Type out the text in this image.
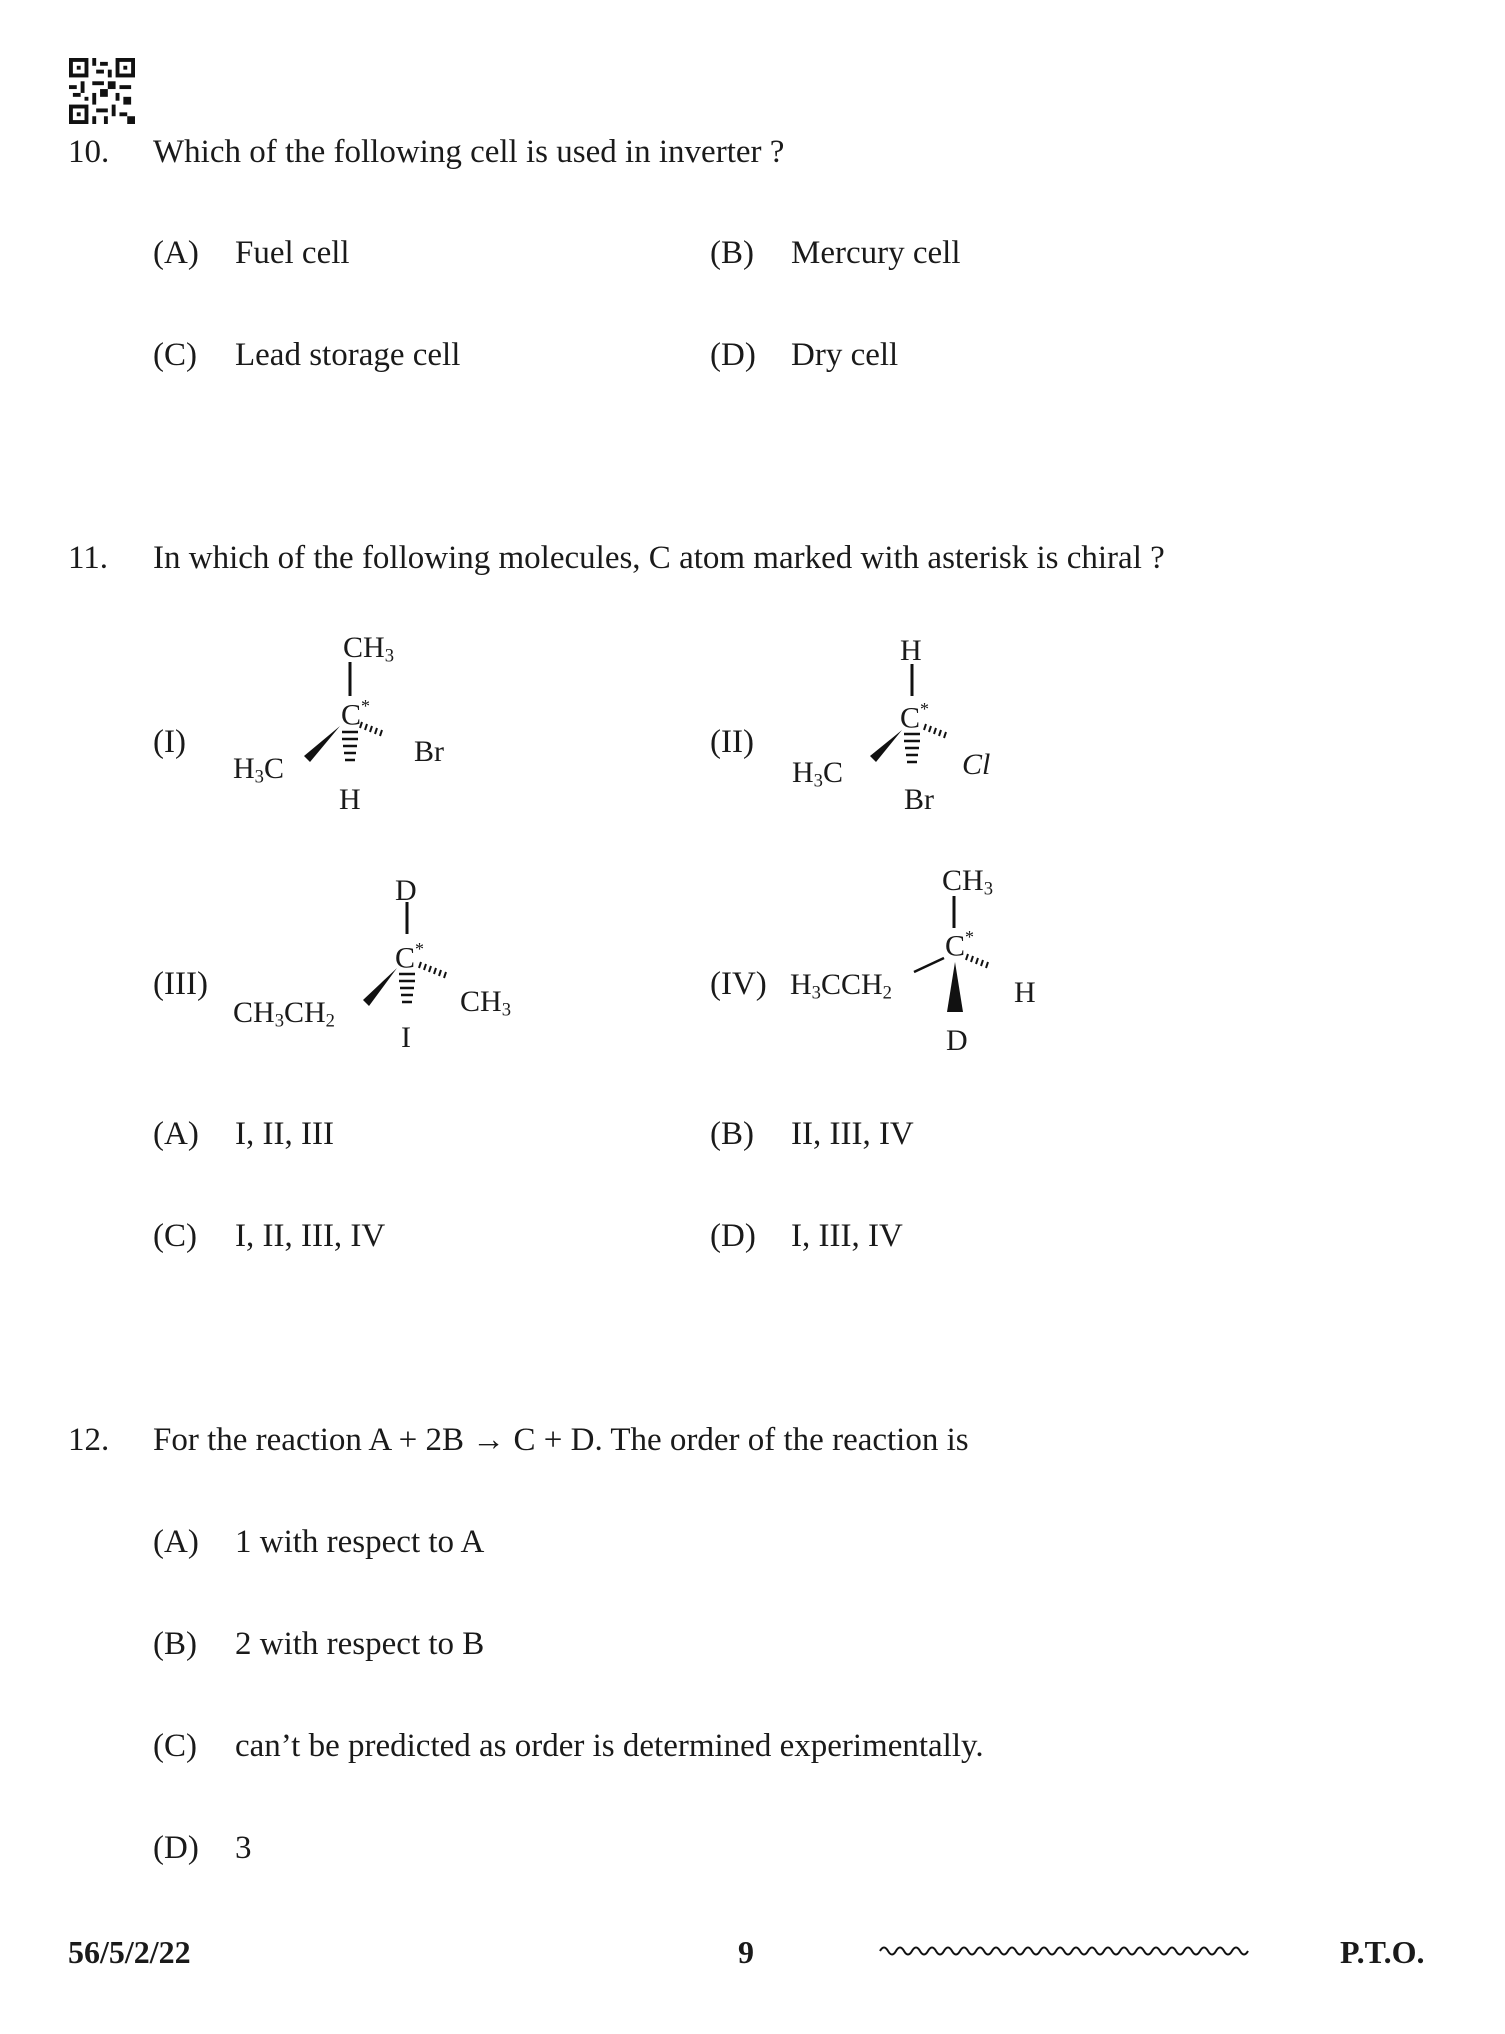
10. Which of the following cell is used in inverter ?
(A) Fuel cell	(B) Mercury cell
(C) Lead storage cell	(D) Dry cell
11. In which of the following molecules, C atom marked with asterisk is chiral ?
(I)
$CH_3$
C*
$H_3C$
Br
H
(II)
H
C*
$H_3C$	Cl
Br
(III)
D
C*
$CH_3CH_2$
$CH_3$
I
(IV)
$CH_3$
C*
$H_3CCH_2$	H
D
(A) I, II, III	(B) II, III, IV
(C) I, II, III, IV	(D) I, III, IV
12. For the reaction A + 2B → C + D. The order of the reaction is
(A) 1 with respect to A
(B) 2 with respect to B
(C) can’t be predicted as order is determined experimentally.
(D) 3
56/5/2/22	9	P.T.O.
